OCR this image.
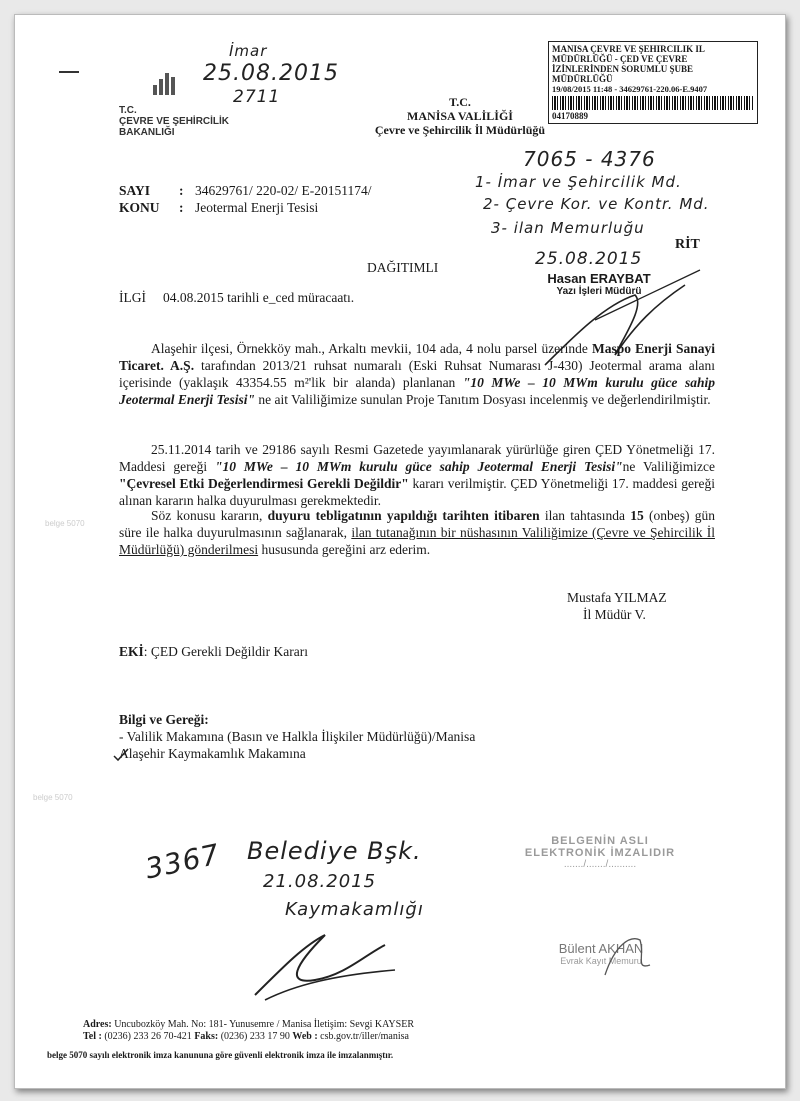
İmar
25.08.2015
2711
T.C.
ÇEVRE VE ŞEHİRCİLİK
BAKANLIĞI
T.C.
MANİSA VALİLİĞİ
Çevre ve Şehircilik İl Müdürlüğü
MANISA ÇEVRE VE ŞEHIRCILIK IL
MÜDÜRLÜĞÜ - ÇED VE ÇEVRE
İZİNLERİNDEN SORUMLU ŞUBE
MÜDÜRLÜĞÜ
19/08/2015 11:48 - 34629761-220.06-E.9407
04170889
7065 - 4376
1- İmar ve Şehircilik Md.
2- Çevre Kor. ve Kontr. Md.
3- ilan Memurluğu
SAYI : 34629761/ 220-02/ E-20151174/
KONU : Jeotermal Enerji Tesisi
DAĞITIMLI
RİT
25.08.2015
Hasan ERAYBAT
Yazı İşleri Müdürü
İLGİ 04.08.2015 tarihli e_ced müracaatı.
Alaşehir ilçesi, Örnekköy mah., Arkaltı mevkii, 104 ada, 4 nolu parsel üzerinde Maspo Enerji Sanayi Ticaret. A.Ş. tarafından 2013/21 ruhsat numaralı (Eski Ruhsat Numarası J-430) Jeotermal arama alanı içerisinde (yaklaşık 43354.55 m²'lik bir alanda) planlanan "10 MWe – 10 MWm kurulu güce sahip Jeotermal Enerji Tesisi" ne ait Valiliğimize sunulan Proje Tanıtım Dosyası incelenmiş ve değerlendirilmiştir.
25.11.2014 tarih ve 29186 sayılı Resmi Gazetede yayımlanarak yürürlüğe giren ÇED Yönetmeliği 17. Maddesi gereği "10 MWe – 10 MWm kurulu güce sahip Jeotermal Enerji Tesisi"ne Valiliğimizce "Çevresel Etki Değerlendirmesi Gerekli Değildir" kararı verilmiştir. ÇED Yönetmeliği 17. maddesi gereği alınan kararın halka duyurulması gerekmektedir.
Söz konusu kararın, duyuru tebligatının yapıldığı tarihten itibaren ilan tahtasında 15 (onbeş) gün süre ile halka duyurulmasının sağlanarak, ilan tutanağının bir nüshasının Valiliğimize (Çevre ve Şehircilik İl Müdürlüğü) gönderilmesi hususunda gereğini arz ederim.
belge 5070
Mustafa YILMAZ
İl Müdür V.
EKİ: ÇED Gerekli Değildir Kararı
Bilgi ve Gereği:
- Valilik Makamına (Basın ve Halkla İlişkiler Müdürlüğü)/Manisa
Alaşehir Kaymakamlık Makamına
belge 5070
3367 Belediye Bşk.
21.08.2015
Kaymakamlığı
BELGENİN ASLI
ELEKTRONİK İMZALIDIR
......./......./..........
Bülent AKHAN
Evrak Kayıt Memuru
Adres: Uncubozköy Mah. No: 181- Yunusemre / Manisa İletişim: Sevgi KAYSER
Tel : (0236) 233 26 70-421 Faks: (0236) 233 17 90 Web : csb.gov.tr/iller/manisa
belge 5070 sayılı elektronik imza kanununa göre güvenli elektronik imza ile imzalanmıştır.
